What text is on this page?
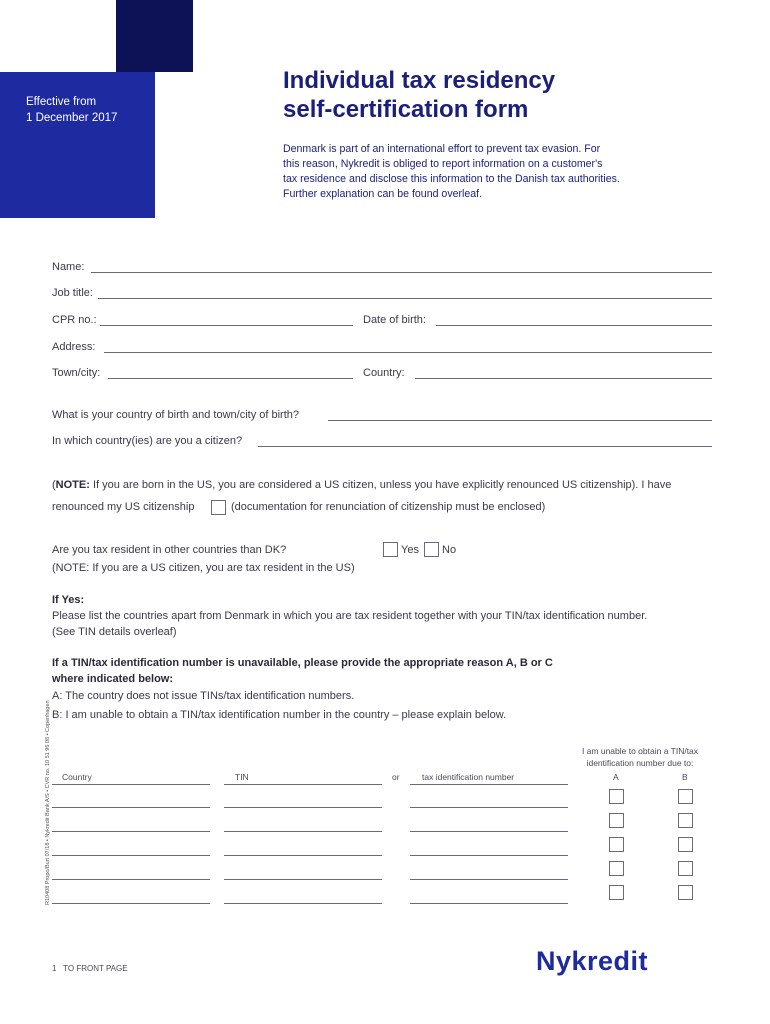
Effective from
1 December 2017
Individual tax residency
self-certification form
Denmark is part of an international effort to prevent tax evasion. For
this reason, Nykredit is obliged to report information on a customer's
tax residence and disclose this information to the Danish tax authorities.
Further explanation can be found overleaf.
Name:
Job title:
CPR no.:	Date of birth:
Address:
Town/city:	Country:
What is your country of birth and town/city of birth?
In which country(ies) are you a citizen?
(NOTE: If you are born in the US, you are considered a US citizen, unless you have explicitly renounced US citizenship). I have
renounced my US citizenship	(documentation for renunciation of citizenship must be enclosed)
Are you tax resident in other countries than DK?	Yes No
(NOTE: If you are a US citizen, you are tax resident in the US)
If Yes:
Please list the countries apart from Denmark in which you are tax resident together with your TIN/tax identification number.
(See TIN details overleaf)
If a TIN/tax identification number is unavailable, please provide the appropriate reason A, B or C
where indicated below:
A: The country does not issue TINs/tax identification numbers.
B: I am unable to obtain a TIN/tax identification number in the country – please explain below.
I am unable to obtain a TIN/tax
identification number due to:
Country	TIN	or	tax identification number	A	B
R10408 Propo/Burt 07/18 • Nykredit Bank A/S • CVR no. 10 51 96 08 • Copenhagen
1 TO FRONT PAGE	Nykredit
